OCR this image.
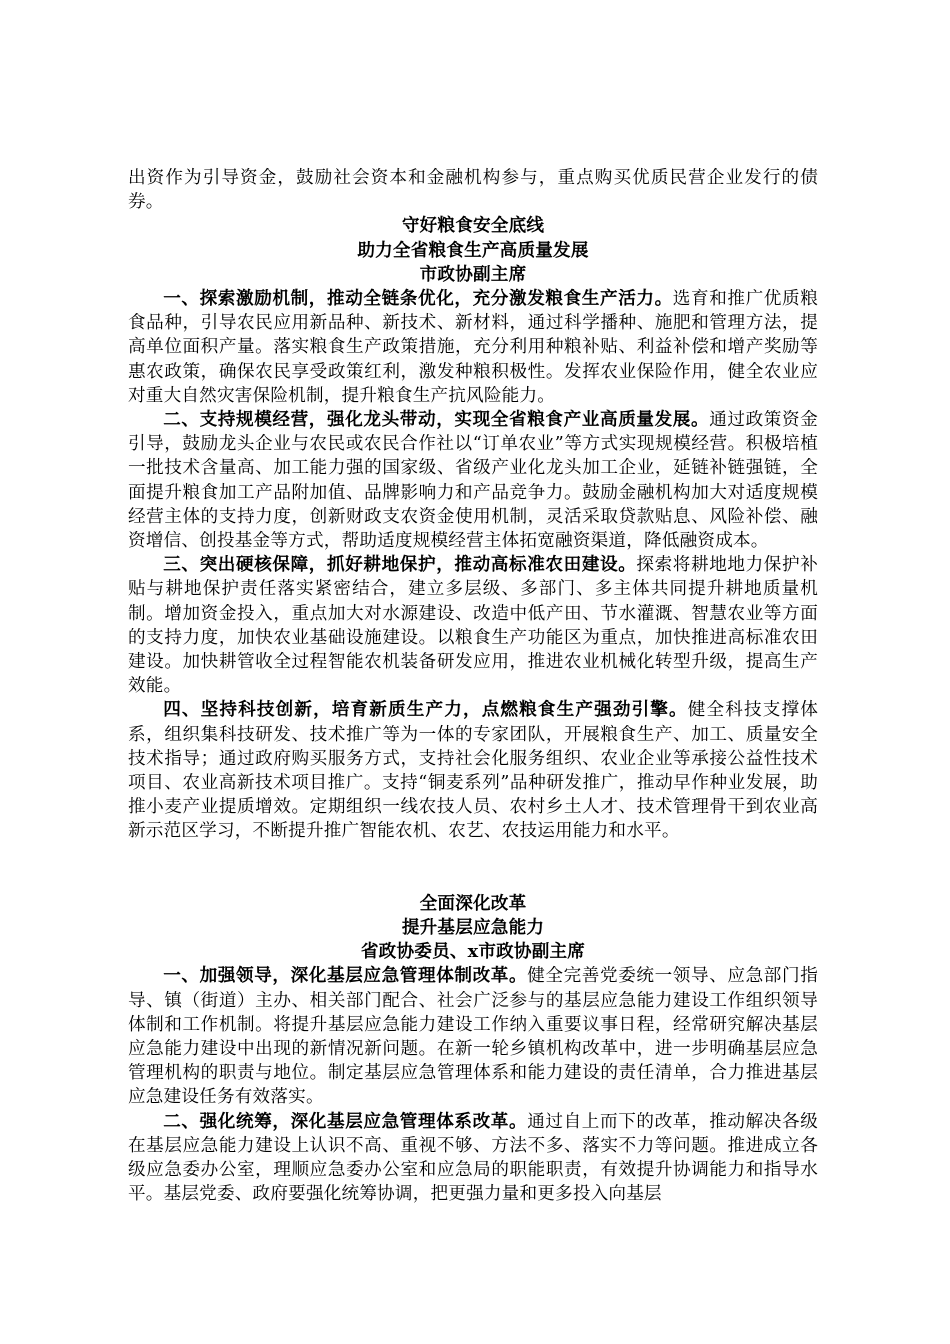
出资作为引导资金，鼓励社会资本和金融机构参与，重点购买优质民营企业发行的债券。

守好粮食安全底线

助力全省粮食生产高质量发展

市政协副主席

一、探索激励机制，推动全链条优化，充分激发粮食生产活力。选育和推广优质粮食品种，引导农民应用新品种、新技术、新材料，通过科学播种、施肥和管理方法，提高单位面积产量。落实粮食生产政策措施，充分利用种粮补贴、利益补偿和增产奖励等惠农政策，确保农民享受政策红利，激发种粮积极性。发挥农业保险作用，健全农业应对重大自然灾害保险机制，提升粮食生产抗风险能力。

二、支持规模经营，强化龙头带动，实现全省粮食产业高质量发展。通过政策资金引导，鼓励龙头企业与农民或农民合作社以“订单农业”等方式实现规模经营。积极培植一批技术含量高、加工能力强的国家级、省级产业化龙头加工企业，延链补链强链，全面提升粮食加工产品附加值、品牌影响力和产品竞争力。鼓励金融机构加大对适度规模经营主体的支持力度，创新财政支农资金使用机制，灵活采取贷款贴息、风险补偿、融资增信、创投基金等方式，帮助适度规模经营主体拓宽融资渠道，降低融资成本。

三、突出硬核保障，抓好耕地保护，推动高标准农田建设。探索将耕地地力保护补贴与耕地保护责任落实紧密结合，建立多层级、多部门、多主体共同提升耕地质量机制。增加资金投入，重点加大对水源建设、改造中低产田、节水灌溉、智慧农业等方面的支持力度，加快农业基础设施建设。以粮食生产功能区为重点，加快推进高标准农田建设。加快耕管收全过程智能农机装备研发应用，推进农业机械化转型升级，提高生产效能。

四、坚持科技创新，培育新质生产力，点燃粮食生产强劲引擎。健全科技支撑体系，组织集科技研发、技术推广等为一体的专家团队，开展粮食生产、加工、质量安全技术指导；通过政府购买服务方式，支持社会化服务组织、农业企业等承接公益性技术项目、农业高新技术项目推广。支持“铜麦系列”品种研发推广，推动早作种业发展，助推小麦产业提质增效。定期组织一线农技人员、农村乡土人才、技术管理骨干到农业高新示范区学习，不断提升推广智能农机、农艺、农技运用能力和水平。

全面深化改革

提升基层应急能力

省政协委员、x市政协副主席

一、加强领导，深化基层应急管理体制改革。健全完善党委统一领导、应急部门指导、镇（街道）主办、相关部门配合、社会广泛参与的基层应急能力建设工作组织领导体制和工作机制。将提升基层应急能力建设工作纳入重要议事日程，经常研究解决基层应急能力建设中出现的新情况新问题。在新一轮乡镇机构改革中，进一步明确基层应急管理机构的职责与地位。制定基层应急管理体系和能力建设的责任清单，合力推进基层应急建设任务有效落实。

二、强化统筹，深化基层应急管理体系改革。通过自上而下的改革，推动解决各级在基层应急能力建设上认识不高、重视不够、方法不多、落实不力等问题。推进成立各级应急委办公室，理顺应急委办公室和应急局的职能职责，有效提升协调能力和指导水平。基层党委、政府要强化统筹协调，把更强力量和更多投入向基层
